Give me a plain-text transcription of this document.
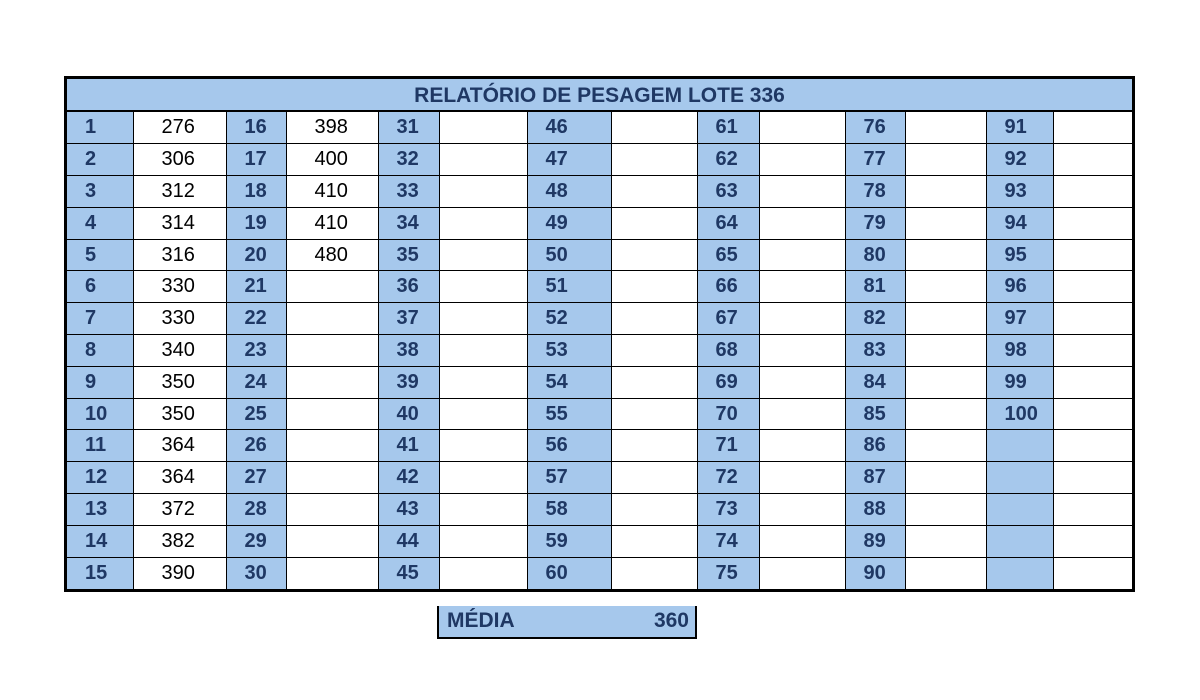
RELATÓRIO DE PESAGEM LOTE 336
1	276	16	398	31		46		61		76		91	
2	306	17	400	32		47		62		77		92	
3	312	18	410	33		48		63		78		93	
4	314	19	410	34		49		64		79		94	
5	316	20	480	35		50		65		80		95	
6	330	21		36		51		66		81		96	
7	330	22		37		52		67		82		97	
8	340	23		38		53		68		83		98	
9	350	24		39		54		69		84		99	
10	350	25		40		55		70		85		100	
11	364	26		41		56		71		86			
12	364	27		42		57		72		87			
13	372	28		43		58		73		88			
14	382	29		44		59		74		89			
15	390	30		45		60		75		90			
MÉDIA	360
